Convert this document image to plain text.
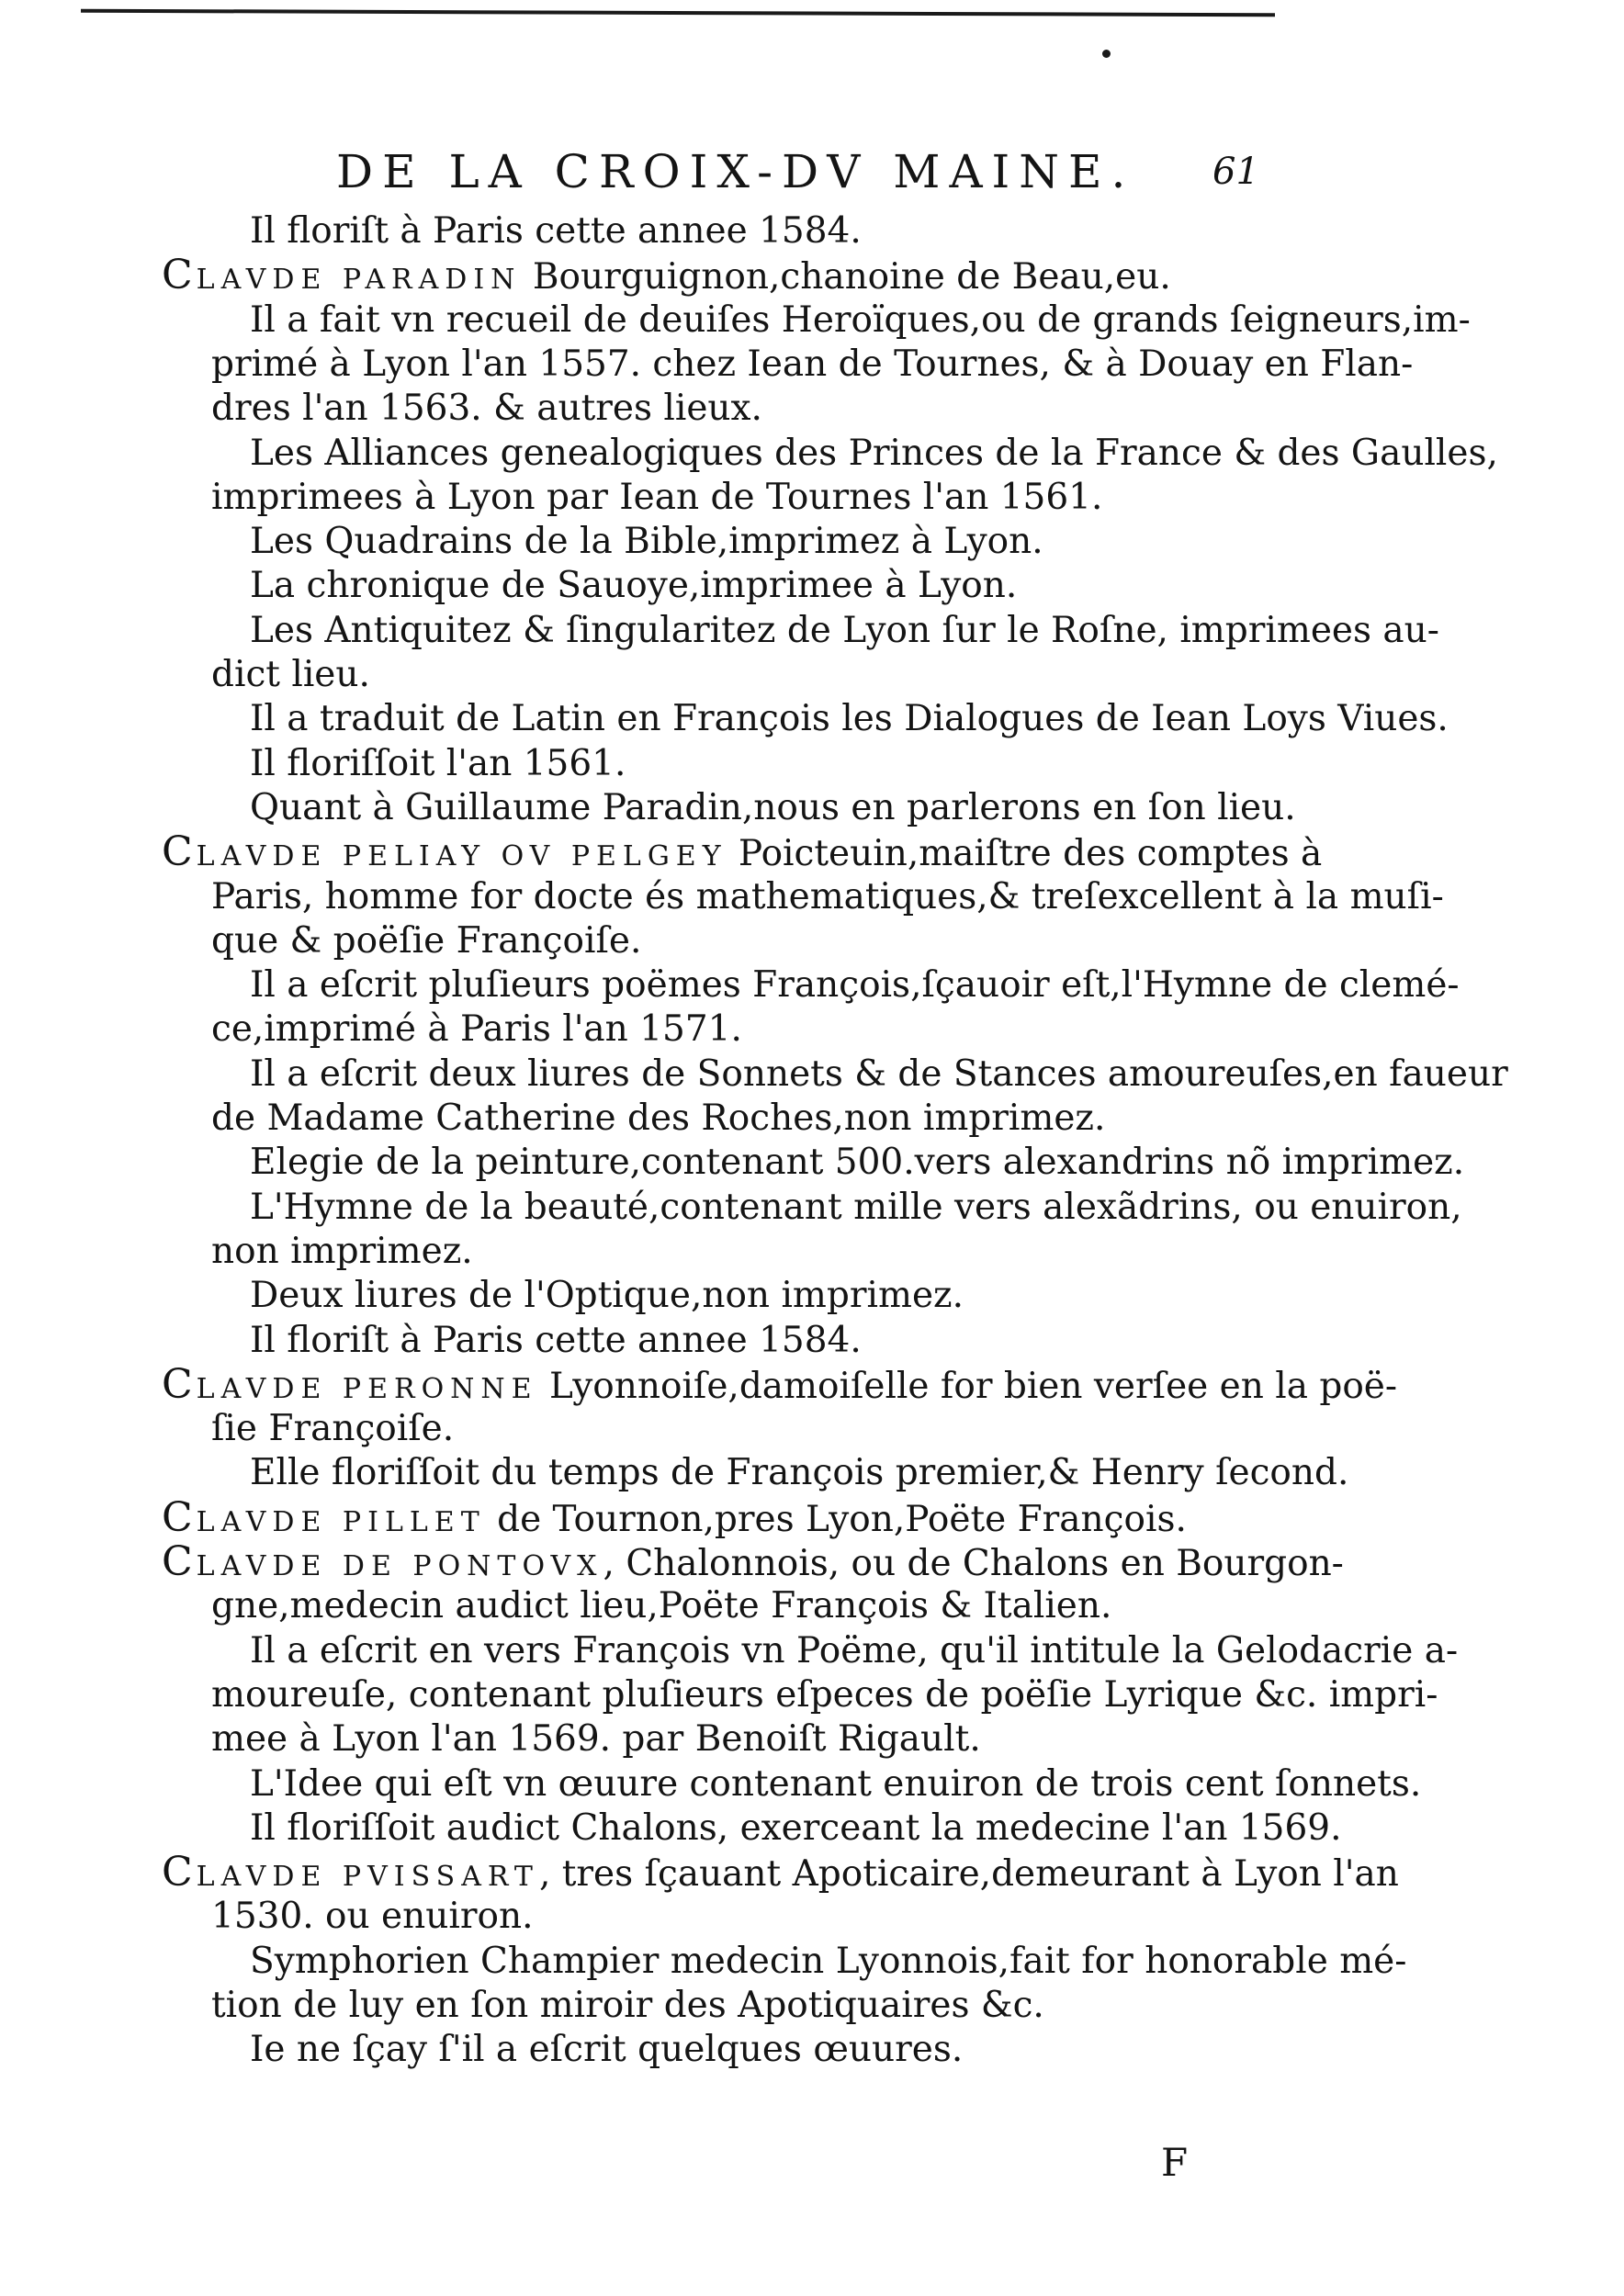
DE LA CROIX-DV MAINE. 61
Il floriſt à Paris cette annee 1584.
CLAVDE PARADIN Bourguignon,chanoine de Beau,eu.
Il a fait vn recueil de deuiſes Heroïques,ou de grands ſeigneurs,im-
primé à Lyon l'an 1557. chez Iean de Tournes, & à Douay en Flan-
dres l'an 1563. & autres lieux.
Les Alliances genealogiques des Princes de la France & des Gaulles,
imprimees à Lyon par Iean de Tournes l'an 1561.
Les Quadrains de la Bible,imprimez à Lyon.
La chronique de Sauoye,imprimee à Lyon.
Les Antiquitez & ſingularitez de Lyon ſur le Roſne, imprimees au-
dict lieu.
Il a traduit de Latin en François les Dialogues de Iean Loys Viues.
Il floriſſoit l'an 1561.
Quant à Guillaume Paradin,nous en parlerons en ſon lieu.
CLAVDE PELIAY OV PELGEY Poicteuin,maiſtre des comptes à
Paris, homme for docte és mathematiques,& treſexcellent à la muſi-
que & poëſie Françoiſe.
Il a eſcrit pluſieurs poëmes François,ſçauoir eſt,l'Hymne de clemé-
ce,imprimé à Paris l'an 1571.
Il a eſcrit deux liures de Sonnets & de Stances amoureuſes,en faueur
de Madame Catherine des Roches,non imprimez.
Elegie de la peinture,contenant 500.vers alexandrins nõ imprimez.
L'Hymne de la beauté,contenant mille vers alexãdrins, ou enuiron,
non imprimez.
Deux liures de l'Optique,non imprimez.
Il floriſt à Paris cette annee 1584.
CLAVDE PERONNE Lyonnoiſe,damoiſelle for bien verſee en la poë-
ſie Françoiſe.
Elle floriſſoit du temps de François premier,& Henry ſecond.
CLAVDE PILLET de Tournon,pres Lyon,Poëte François.
CLAVDE DE PONTOVX, Chalonnois, ou de Chalons en Bourgon-
gne,medecin audict lieu,Poëte François & Italien.
Il a eſcrit en vers François vn Poëme, qu'il intitule la Gelodacrie a-
moureuſe, contenant pluſieurs eſpeces de poëſie Lyrique &c. impri-
mee à Lyon l'an 1569. par Benoiſt Rigault.
L'Idee qui eſt vn œuure contenant enuiron de trois cent ſonnets.
Il floriſſoit audict Chalons, exerceant la medecine l'an 1569.
CLAVDE PVISSART, tres ſçauant Apoticaire,demeurant à Lyon l'an
1530. ou enuiron.
Symphorien Champier medecin Lyonnois,fait for honorable mé-
tion de luy en ſon miroir des Apotiquaires &c.
Ie ne ſçay ſ'il a eſcrit quelques œuures.
F
